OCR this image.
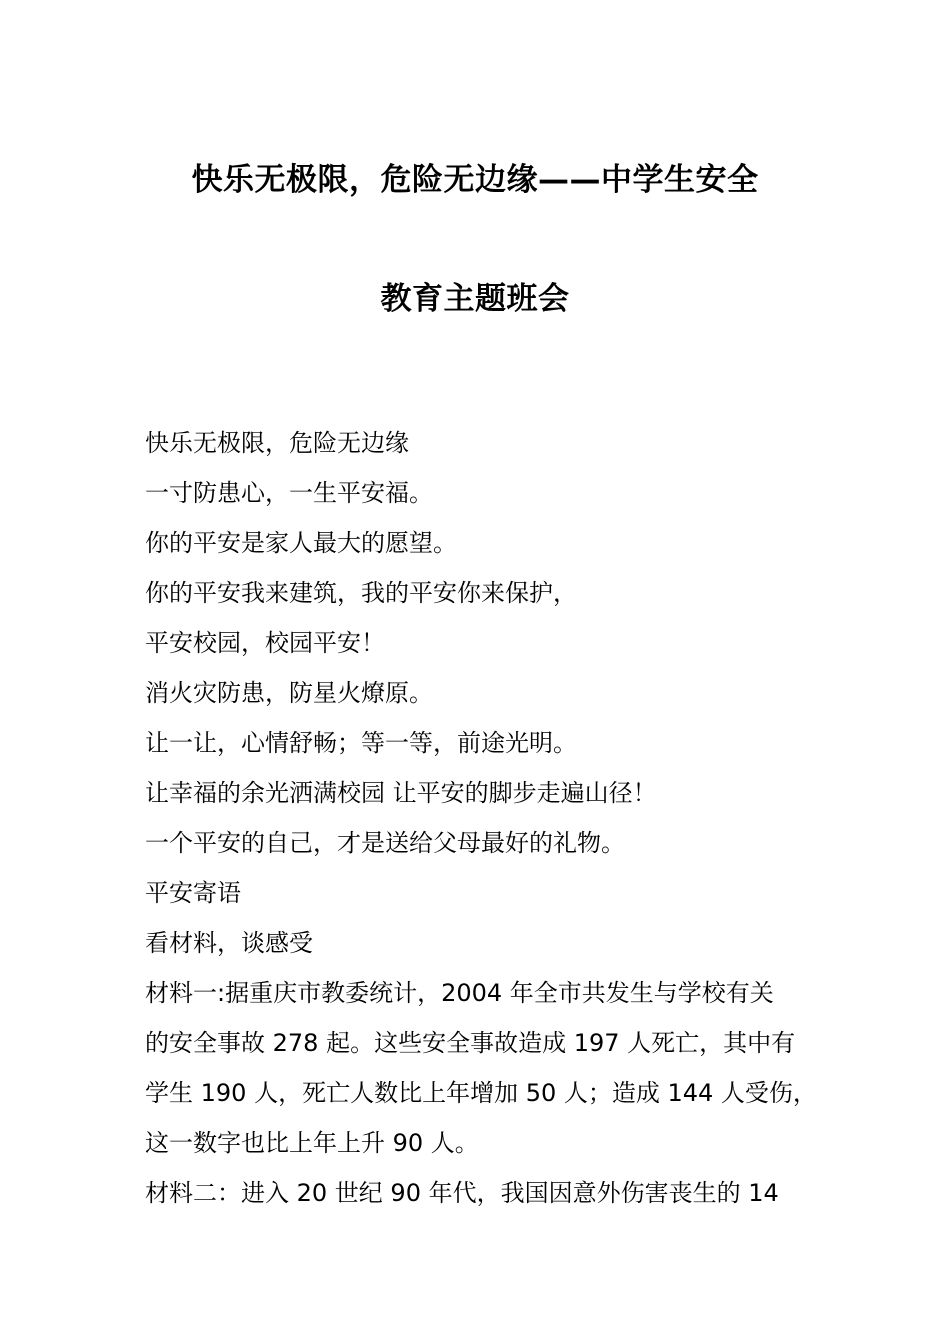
快乐无极限，危险无边缘——中学生安全
教育主题班会
快乐无极限，危险无边缘
一寸防患心，一生平安福。
你的平安是家人最大的愿望。
你的平安我来建筑，我的平安你来保护，
平安校园，校园平安！
消火灾防患，防星火燎原。
让一让，心情舒畅；等一等，前途光明。
让幸福的余光洒满校园 让平安的脚步走遍山径！
一个平安的自己，才是送给父母最好的礼物。
平安寄语
看材料，谈感受
材料一:据重庆市教委统计，2004 年全市共发生与学校有关
的安全事故 278 起。这些安全事故造成 197 人死亡，其中有
学生 190 人，死亡人数比上年增加 50 人；造成 144 人受伤，
这一数字也比上年上升 90 人。
材料二：进入 20 世纪 90 年代，我国因意外伤害丧生的 14
